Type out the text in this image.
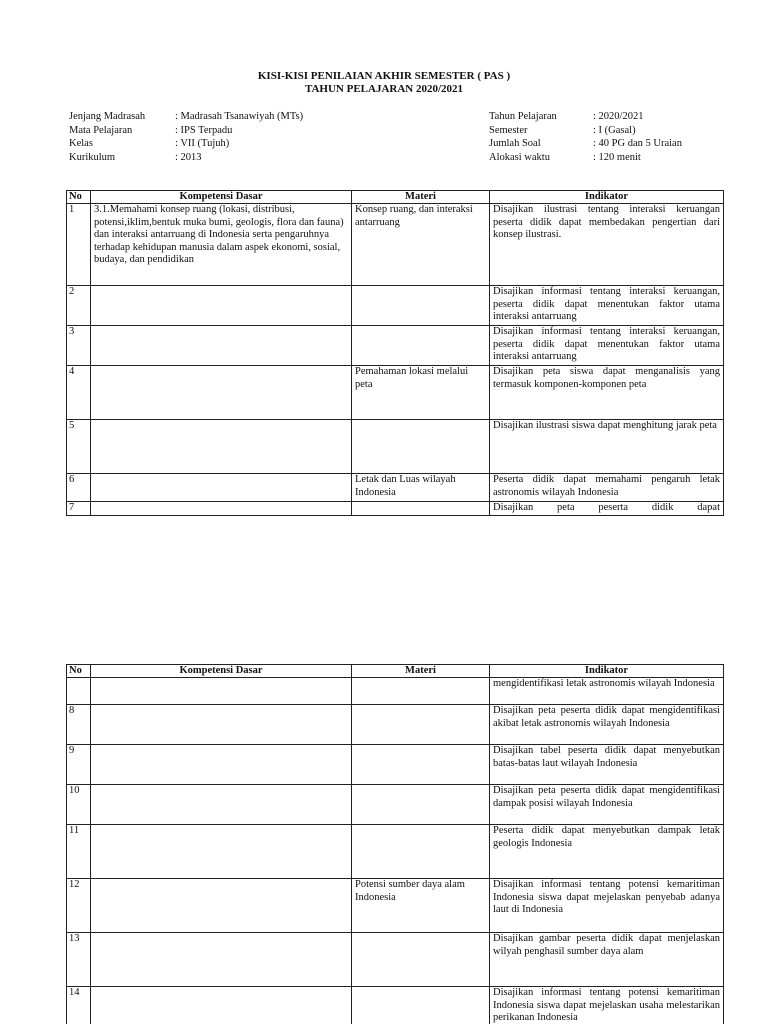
KISI-KISI PENILAIAN AKHIR SEMESTER ( PAS )
TAHUN PELAJARAN 2020/2021
Jenjang Madrasah	: Madrasah Tsanawiyah (MTs)
Mata Pelajaran	: IPS Terpadu
Kelas	: VII (Tujuh)
Kurikulum	: 2013
Tahun Pelajaran	: 2020/2021
Semester	: I (Gasal)
Jumlah Soal	: 40 PG dan 5 Uraian
Alokasi waktu	: 120 menit
No	Kompetensi Dasar	Materi	Indikator
1	3.1.Memahami konsep ruang (lokasi, distribusi, potensi,iklim,bentuk muka bumi, geologis, flora dan fauna) dan interaksi antarruang di Indonesia serta pengaruhnya terhadap kehidupan manusia dalam aspek ekonomi, sosial, budaya, dan pendidikan	Konsep ruang, dan interaksi antarruang	Disajikan ilustrasi tentang interaksi keruangan peserta didik dapat membedakan pengertian dari konsep ilustrasi.
2			Disajikan informasi tentang interaksi keruangan, peserta didik dapat menentukan faktor utama interaksi antarruang
3			Disajikan informasi tentang interaksi keruangan, peserta didik dapat menentukan faktor utama interaksi antarruang
4		Pemahaman lokasi melalui peta	Disajikan peta siswa dapat menganalisis yang termasuk komponen-komponen peta
5			Disajikan ilustrasi siswa dapat menghitung jarak peta
6		Letak dan Luas wilayah Indonesia	Peserta didik dapat memahami pengaruh letak astronomis wilayah Indonesia
7			Disajikan peta peserta didik dapat
No	Kompetensi Dasar	Materi	Indikator
			mengidentifikasi letak astronomis wilayah Indonesia
8			Disajikan peta peserta didik dapat mengidentifikasi akibat letak astronomis wilayah Indonesia
9			Disajikan tabel peserta didik dapat menyebutkan batas-batas laut wilayah Indonesia
10			Disajikan peta peserta didik dapat mengidentifikasi dampak posisi wilayah Indonesia
11			Peserta didik dapat menyebutkan dampak letak geologis Indonesia
12		Potensi sumber daya alam Indonesia	Disajikan informasi tentang potensi kemaritiman Indonesia siswa dapat mejelaskan penyebab adanya laut di Indonesia
13			Disajikan gambar peserta didik dapat menjelaskan wilyah penghasil sumber daya alam
14			Disajikan informasi tentang potensi kemaritiman Indonesia siswa dapat mejelaskan usaha melestarikan perikanan Indonesia
